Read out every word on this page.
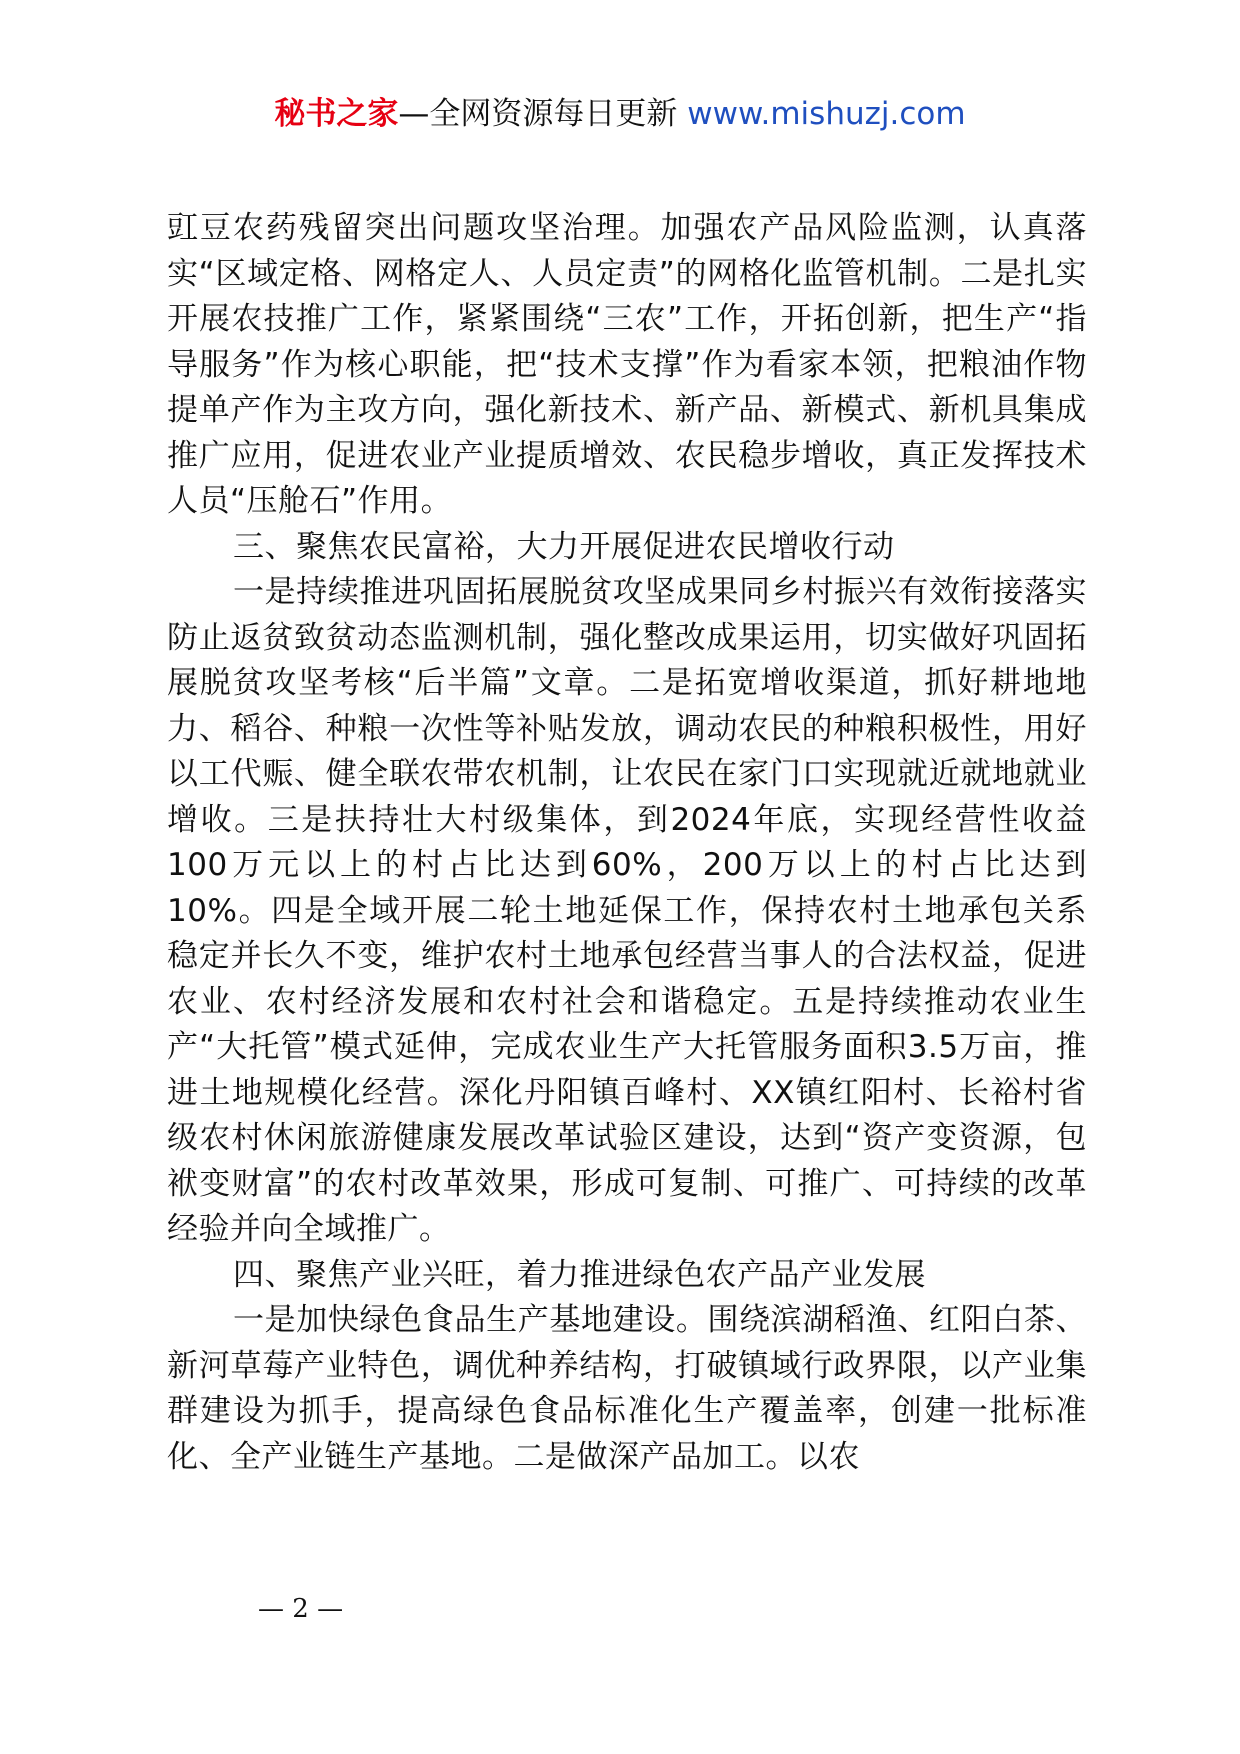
秘书之家—全网资源每日更新 www.mishuzj.com

豇豆农药残留突出问题攻坚治理。加强农产品风险监测，认真落实“区域定格、网格定人、人员定责”的网格化监管机制。二是扎实开展农技推广工作，紧紧围绕“三农”工作，开拓创新，把生产“指导服务”作为核心职能，把“技术支撑”作为看家本领，把粮油作物提单产作为主攻方向，强化新技术、新产品、新模式、新机具集成推广应用，促进农业产业提质增效、农民稳步增收，真正发挥技术人员“压舱石”作用。

三、聚焦农民富裕，大力开展促进农民增收行动

一是持续推进巩固拓展脱贫攻坚成果同乡村振兴有效衔接落实防止返贫致贫动态监测机制，强化整改成果运用，切实做好巩固拓展脱贫攻坚考核“后半篇”文章。二是拓宽增收渠道，抓好耕地地力、稻谷、种粮一次性等补贴发放，调动农民的种粮积极性，用好以工代赈、健全联农带农机制，让农民在家门口实现就近就地就业增收。三是扶持壮大村级集体，到2024年底，实现经营性收益100万元以上的村占比达到60%，200万以上的村占比达到10%。四是全域开展二轮土地延保工作，保持农村土地承包关系稳定并长久不变，维护农村土地承包经营当事人的合法权益，促进农业、农村经济发展和农村社会和谐稳定。五是持续推动农业生产“大托管”模式延伸，完成农业生产大托管服务面积3.5万亩，推进土地规模化经营。深化丹阳镇百峰村、XX镇红阳村、长裕村省级农村休闲旅游健康发展改革试验区建设，达到“资产变资源，包袱变财富”的农村改革效果，形成可复制、可推广、可持续的改革经验并向全域推广。

四、聚焦产业兴旺，着力推进绿色农产品产业发展

一是加快绿色食品生产基地建设。围绕滨湖稻渔、红阳白茶、新河草莓产业特色，调优种养结构，打破镇域行政界限，以产业集群建设为抓手，提高绿色食品标准化生产覆盖率，创建一批标准化、全产业链生产基地。二是做深产品加工。以农

— 2 —
